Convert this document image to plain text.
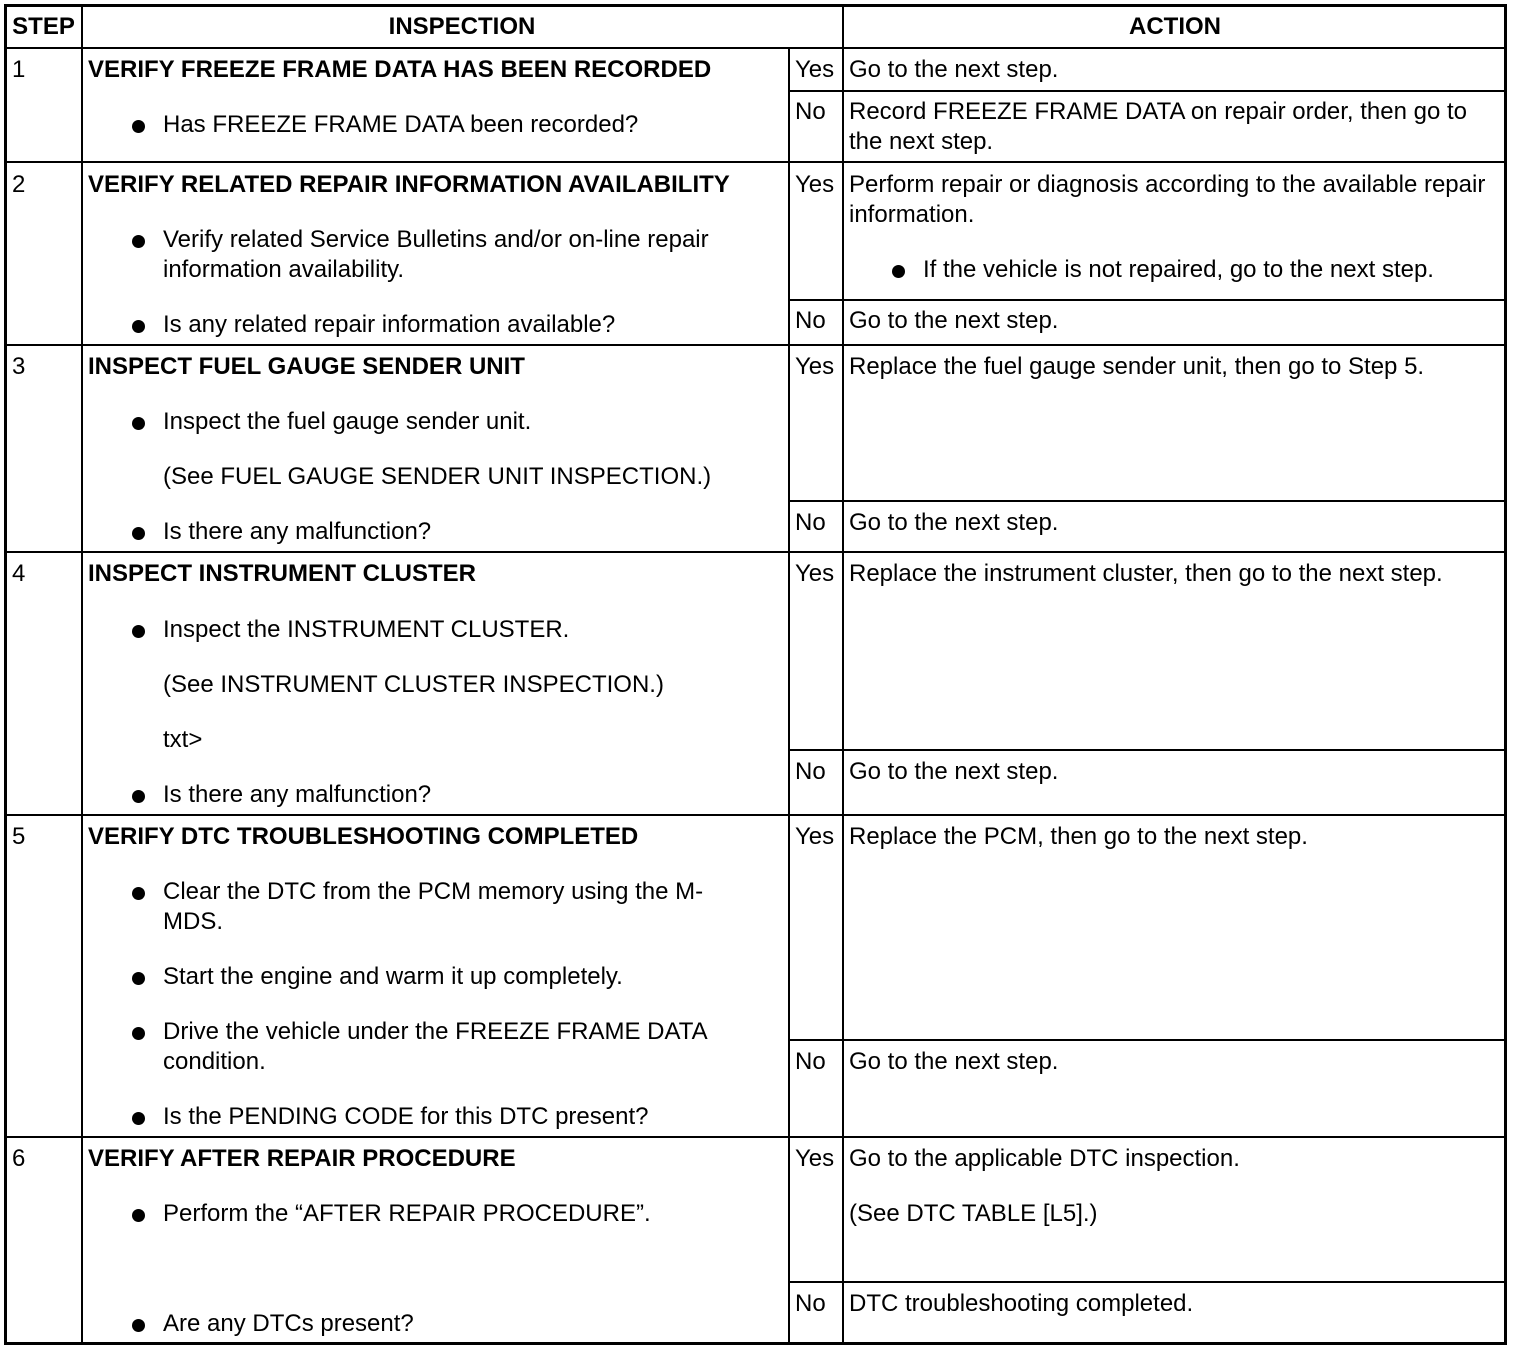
STEP	INSPECTION	ACTION
1	VERIFY FREEZE FRAME DATA HAS BEEN RECORDED
Has FREEZE FRAME DATA been recorded?
Yes Go to the next step.
No Record FREEZE FRAME DATA on repair order, then go to the next step.
2	VERIFY RELATED REPAIR INFORMATION AVAILABILITY
Verify related Service Bulletins and/or on-line repair information availability.
Is any related repair information available?
Yes Perform repair or diagnosis according to the available repair information.
If the vehicle is not repaired, go to the next step.
No Go to the next step.
3	INSPECT FUEL GAUGE SENDER UNIT
Inspect the fuel gauge sender unit.
(See FUEL GAUGE SENDER UNIT INSPECTION.)
Is there any malfunction?
Yes Replace the fuel gauge sender unit, then go to Step 5.
No Go to the next step.
4	INSPECT INSTRUMENT CLUSTER
Inspect the INSTRUMENT CLUSTER.
(See INSTRUMENT CLUSTER INSPECTION.)
txt>
Is there any malfunction?
Yes Replace the instrument cluster, then go to the next step.
No Go to the next step.
5	VERIFY DTC TROUBLESHOOTING COMPLETED
Clear the DTC from the PCM memory using the M-MDS.
Start the engine and warm it up completely.
Drive the vehicle under the FREEZE FRAME DATA condition.
Is the PENDING CODE for this DTC present?
Yes Replace the PCM, then go to the next step.
No Go to the next step.
6	VERIFY AFTER REPAIR PROCEDURE
Perform the “AFTER REPAIR PROCEDURE”.
Are any DTCs present?
Yes Go to the applicable DTC inspection.
(See DTC TABLE [L5].)
No DTC troubleshooting completed.
